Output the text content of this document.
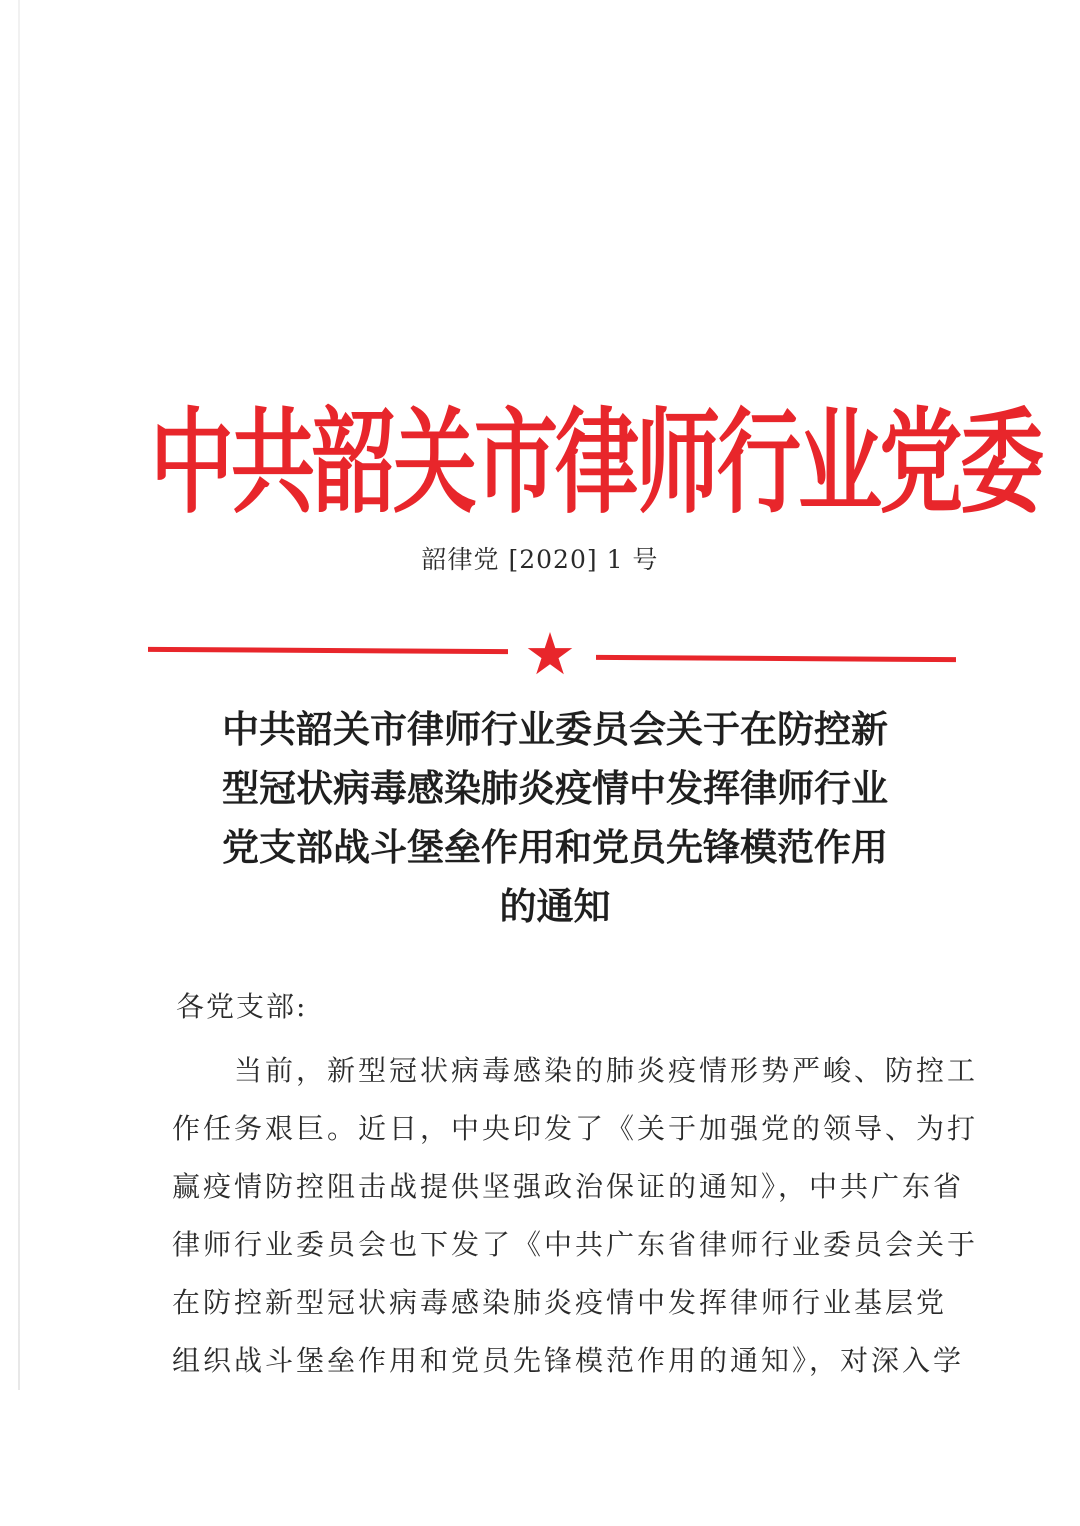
中共韶关市律师行业党委
韶律党 [2020] 1 号
★
中共韶关市律师行业委员会关于在防控新
型冠状病毒感染肺炎疫情中发挥律师行业
党支部战斗堡垒作用和党员先锋模范作用
的通知
各党支部:
当前，新型冠状病毒感染的肺炎疫情形势严峻、防控工
作任务艰巨。近日，中央印发了《关于加强党的领导、为打
赢疫情防控阻击战提供坚强政治保证的通知》，中共广东省
律师行业委员会也下发了《中共广东省律师行业委员会关于
在防控新型冠状病毒感染肺炎疫情中发挥律师行业基层党
组织战斗堡垒作用和党员先锋模范作用的通知》，对深入学
